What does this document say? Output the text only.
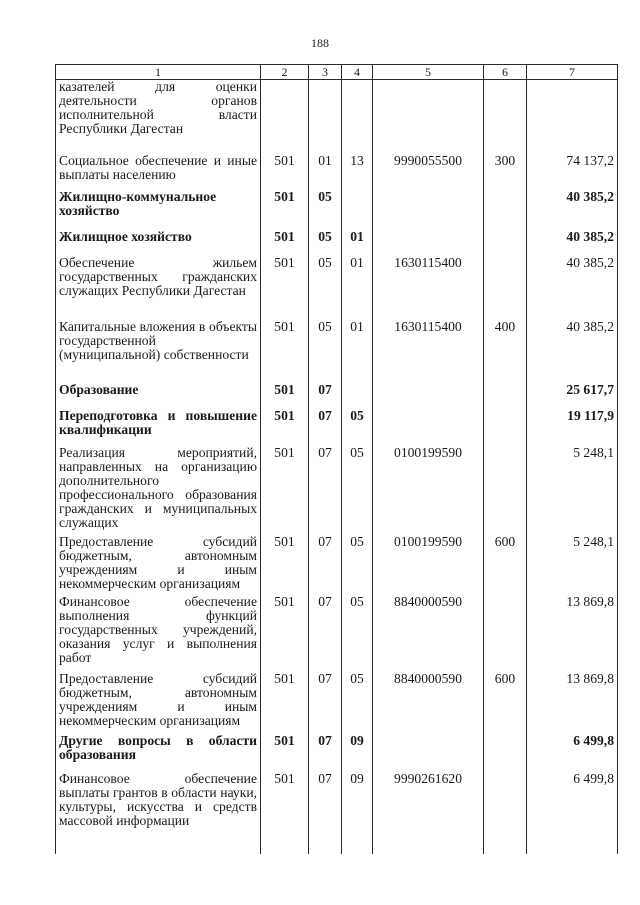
188
1	2	3	4	5	6	7
казателей для оценки деятельности органов исполнительной власти Республики Дагестан						
Социальное обеспечение и иные выплаты населению	501	01	13	9990055500	300	74 137,2
Жилищно-коммунальное хозяйство	501	05				40 385,2
Жилищное хозяйство	501	05	01			40 385,2
Обеспечение жильем государственных гражданских служащих Республики Дагестан	501	05	01	1630115400		40 385,2
Капитальные вложения в объекты государственной (муниципальной) собственности	501	05	01	1630115400	400	40 385,2
Образование	501	07				25 617,7
Переподготовка и повышение квалификации	501	07	05			19 117,9
Реализация мероприятий, направленных на организацию дополнительного профессионального образования гражданских и муниципальных служащих	501	07	05	0100199590		5 248,1
Предоставление субсидий бюджетным, автономным учреждениям и иным некоммерческим организациям	501	07	05	0100199590	600	5 248,1
Финансовое обеспечение выполнения функций государственных учреждений, оказания услуг и выполнения работ	501	07	05	8840000590		13 869,8
Предоставление субсидий бюджетным, автономным учреждениям и иным некоммерческим организациям	501	07	05	8840000590	600	13 869,8
Другие вопросы в области образования	501	07	09			6 499,8
Финансовое обеспечение выплаты грантов в области науки, культуры, искусства и средств массовой информации	501	07	09	9990261620		6 499,8
